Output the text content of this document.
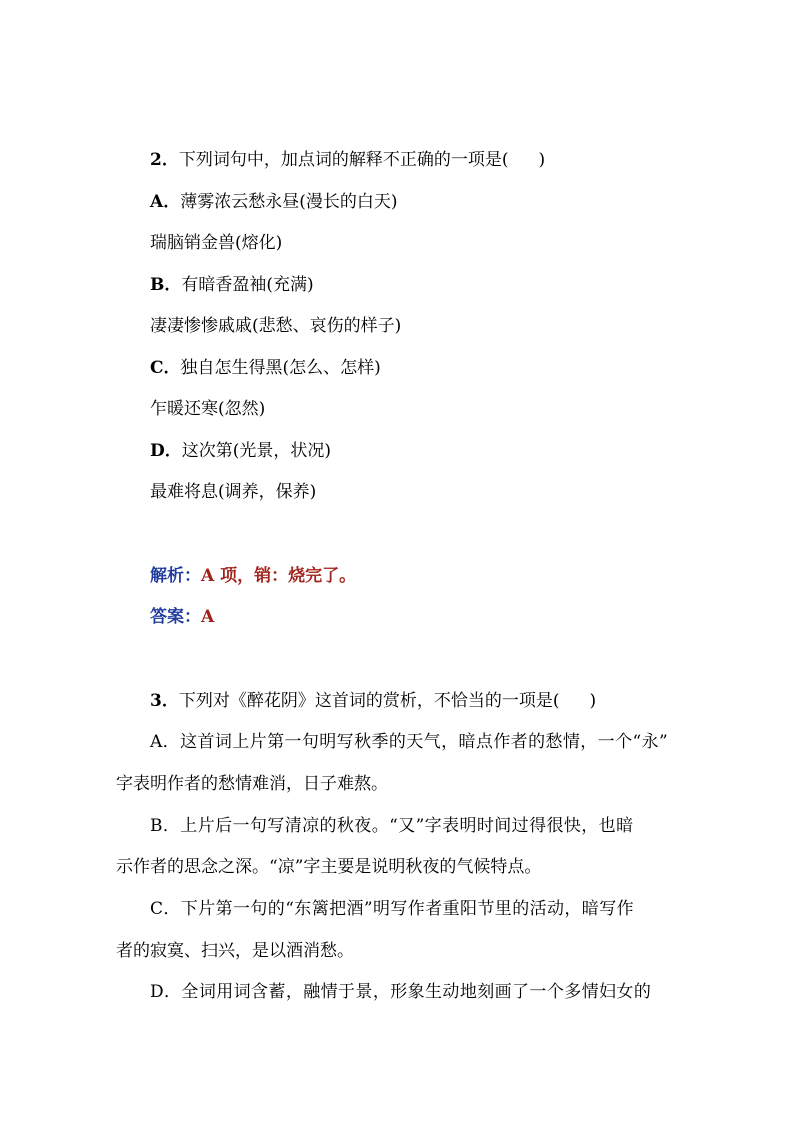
2．下列词句中，加点词的解释不正确的一项是( )
A．薄雾浓云愁永昼(漫长的白天)
瑞脑销金兽(熔化)
B．有暗香盈袖(充满)
凄凄惨惨戚戚(悲愁、哀伤的样子)
C．独自怎生得黑(怎么、怎样)
乍暖还寒(忽然)
D．这次第(光景，状况)
最难将息(调养，保养)
解析：A 项，销：烧完了。
答案：A
3．下列对《醉花阴》这首词的赏析，不恰当的一项是( )
A．这首词上片第一句明写秋季的天气，暗点作者的愁情，一个“永”
字表明作者的愁情难消，日子难熬。
B．上片后一句写清凉的秋夜。“又”字表明时间过得很快，也暗
示作者的思念之深。“凉”字主要是说明秋夜的气候特点。
C．下片第一句的“东篱把酒”明写作者重阳节里的活动，暗写作
者的寂寞、扫兴，是以酒消愁。
D．全词用词含蓄，融情于景，形象生动地刻画了一个多情妇女的
